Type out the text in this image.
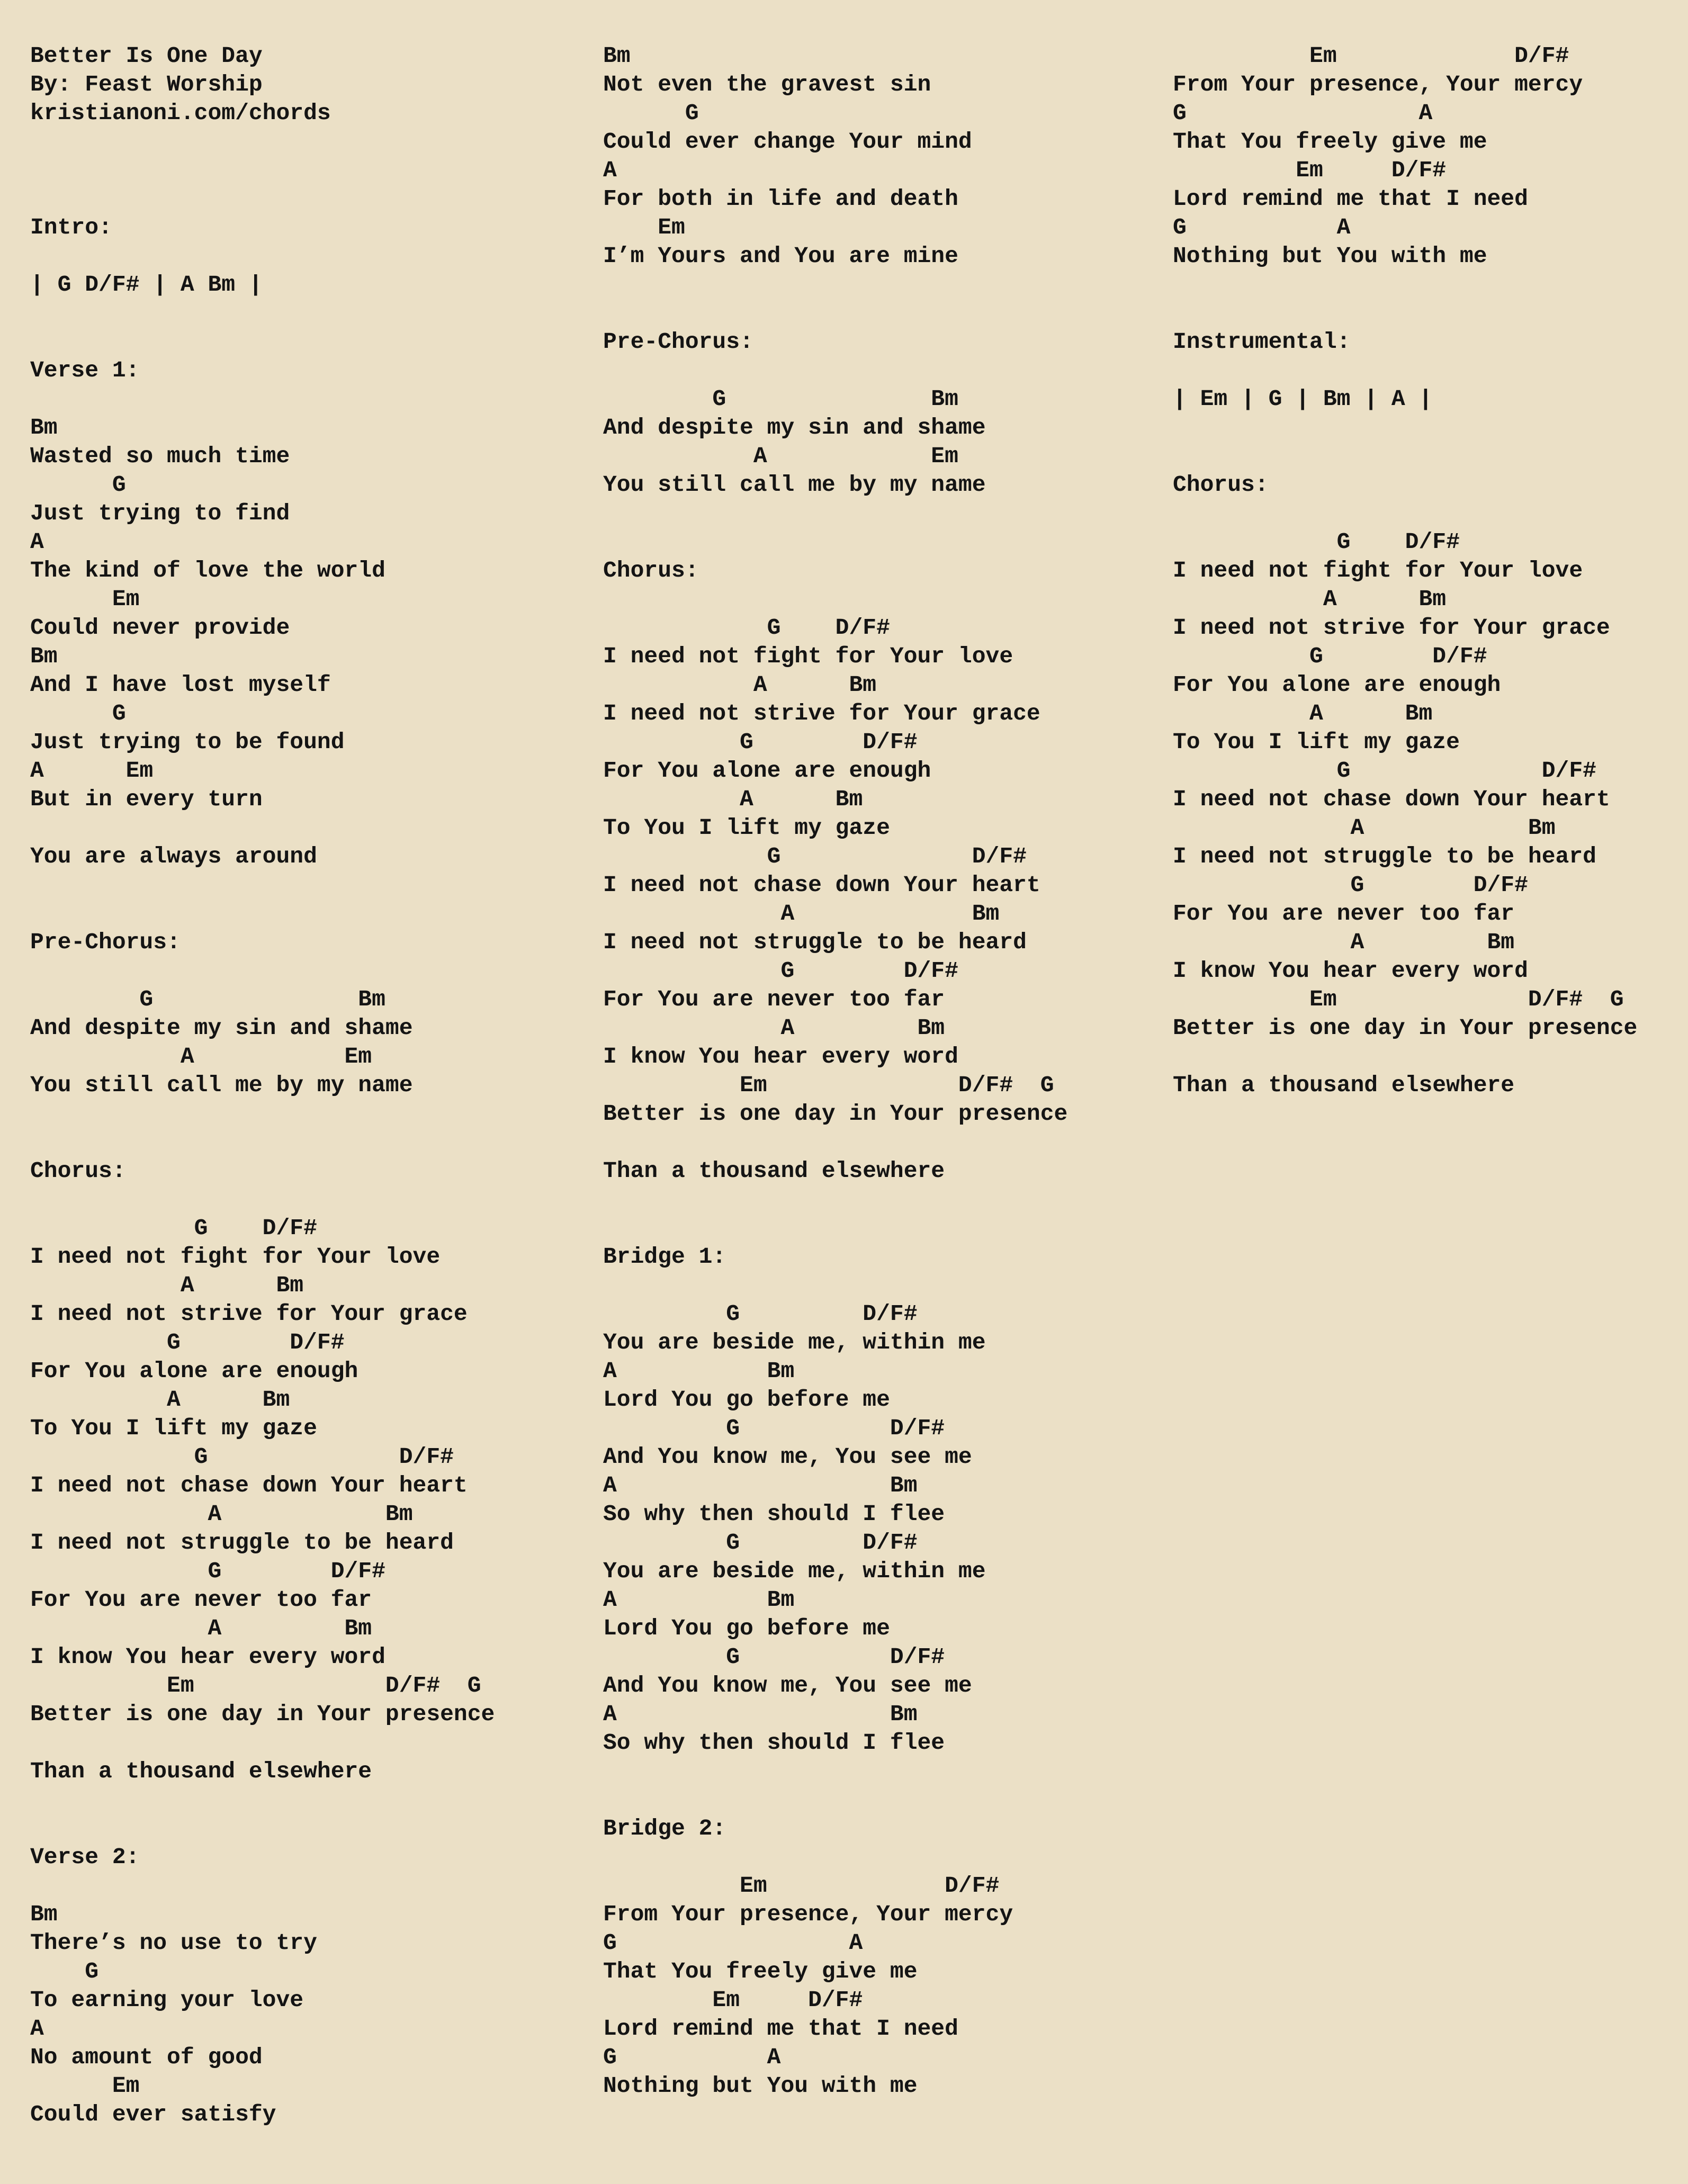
Better Is One Day
By: Feast Worship
kristianoni.com/chords
Intro:
| G D/F# | A Bm |
Verse 1:
Bm
Wasted so much time
G
Just trying to find
A
The kind of love the world
Em
Could never provide
Bm
And I have lost myself
G
Just trying to be found
A      Em
But in every turn
You are always around
Pre-Chorus:
G               Bm
And despite my sin and shame
A           Em
You still call me by my name
Chorus:
G    D/F#
I need not fight for Your love
A      Bm
I need not strive for Your grace
G        D/F#
For You alone are enough
A      Bm
To You I lift my gaze
G              D/F#
I need not chase down Your heart
A            Bm
I need not struggle to be heard
G        D/F#
For You are never too far
A         Bm
I know You hear every word
Em              D/F#  G
Better is one day in Your presence
Than a thousand elsewhere
Verse 2:
Bm
There’s no use to try
G
To earning your love
A
No amount of good
Em
Could ever satisfy
Bm
Not even the gravest sin
G
Could ever change Your mind
A
For both in life and death
Em
I’m Yours and You are mine
Pre-Chorus:
G               Bm
And despite my sin and shame
A            Em
You still call me by my name
Chorus:
G    D/F#
I need not fight for Your love
A      Bm
I need not strive for Your grace
G        D/F#
For You alone are enough
A      Bm
To You I lift my gaze
G              D/F#
I need not chase down Your heart
A             Bm
I need not struggle to be heard
G        D/F#
For You are never too far
A         Bm
I know You hear every word
Em              D/F#  G
Better is one day in Your presence
Than a thousand elsewhere
Bridge 1:
G         D/F#
You are beside me, within me
A           Bm
Lord You go before me
G           D/F#
And You know me, You see me
A                    Bm
So why then should I flee
G         D/F#
You are beside me, within me
A           Bm
Lord You go before me
G           D/F#
And You know me, You see me
A                    Bm
So why then should I flee
Bridge 2:
Em             D/F#
From Your presence, Your mercy
G                 A
That You freely give me
Em     D/F#
Lord remind me that I need
G           A
Nothing but You with me
Em             D/F#
From Your presence, Your mercy
G                 A
That You freely give me
Em     D/F#
Lord remind me that I need
G           A
Nothing but You with me
Instrumental:
| Em | G | Bm | A |
Chorus:
G    D/F#
I need not fight for Your love
A      Bm
I need not strive for Your grace
G        D/F#
For You alone are enough
A      Bm
To You I lift my gaze
G              D/F#
I need not chase down Your heart
A            Bm
I need not struggle to be heard
G        D/F#
For You are never too far
A         Bm
I know You hear every word
Em              D/F#  G
Better is one day in Your presence
Than a thousand elsewhere
